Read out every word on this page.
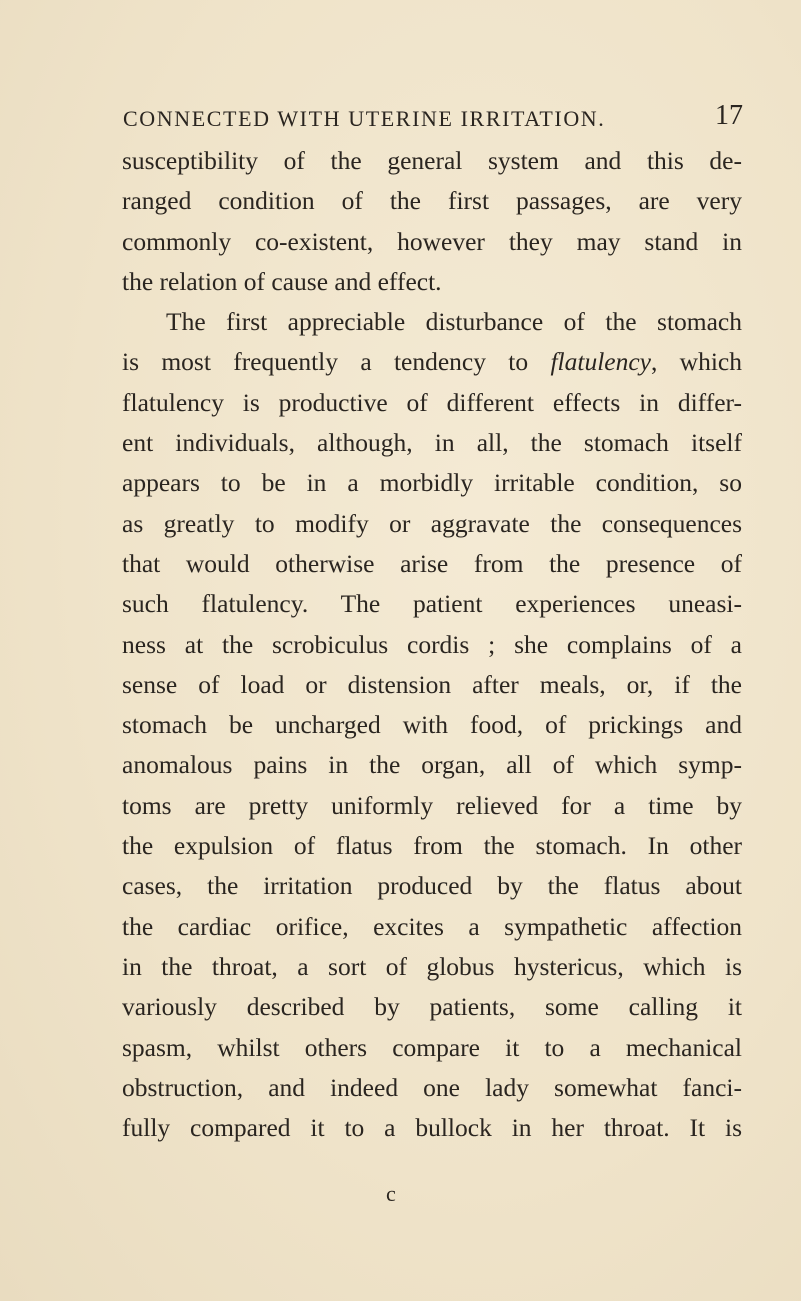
CONNECTED WITH UTERINE IRRITATION.	17
susceptibility of the general system and this de-
ranged condition of the first passages, are very
commonly co-existent, however they may stand in
the relation of cause and effect.
The first appreciable disturbance of the stomach
is most frequently a tendency to flatulency, which
flatulency is productive of different effects in differ-
ent individuals, although, in all, the stomach itself
appears to be in a morbidly irritable condition, so
as greatly to modify or aggravate the consequences
that would otherwise arise from the presence of
such flatulency. The patient experiences uneasi-
ness at the scrobiculus cordis ; she complains of a
sense of load or distension after meals, or, if the
stomach be uncharged with food, of prickings and
anomalous pains in the organ, all of which symp-
toms are pretty uniformly relieved for a time by
the expulsion of flatus from the stomach. In other
cases, the irritation produced by the flatus about
the cardiac orifice, excites a sympathetic affection
in the throat, a sort of globus hystericus, which is
variously described by patients, some calling it
spasm, whilst others compare it to a mechanical
obstruction, and indeed one lady somewhat fanci-
fully compared it to a bullock in her throat. It is
c
